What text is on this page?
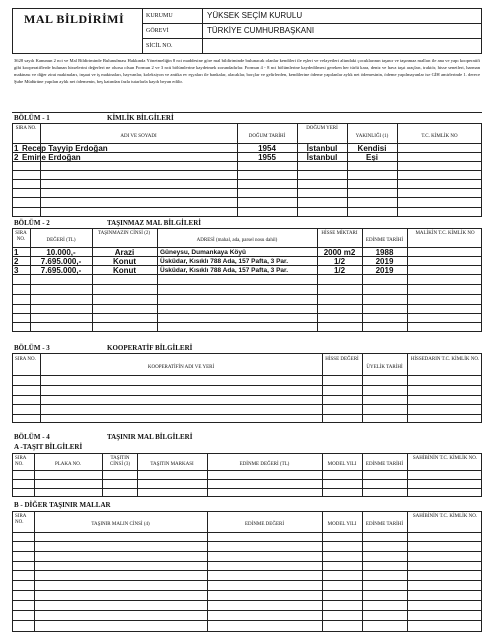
MAL BİLDİRİMİ	KURUMU	YÜKSEK SEÇİM KURULU
GÖREVİ	TÜRKİYE CUMHURBAŞKANI
SİCİL NO.
3628 sayılı Kanunun 2 nci ve Mal Bildiriminde Bulunulması Hakkında Yönetmeliğin 8 nci maddesine göre mal bildiriminde bulunacak olanlar kendileri ile eşleri ve velayetleri altındaki çocuklarının taşınır ve taşınmaz malları ile ana ve yapı kooperatifi gibi kooperatiflerde bulunan hisselerini değerleri ne olursa olsun Formun 2 ve 3 ncü bölümlerine kaydetmek zorundadırlar. Formun 4 - 8 nci bölümlerine kaydedilmesi gereken her türlü kara, deniz ve hava taşıt araçları, traktör, hisse senetleri, harman makinası ve diğer zirai makinaları, inşaat ve iş makinaları, hayvanlar, koleksiyon ve antika ev eşyaları ile bankalar, alacaklar, borçlar ve gelirlerden, kendilerine ödeme yapılanlar aylık net ödemesinin, ödeme yapılmayanlar ise GİH amirlerinde 1. derece Şube Müdürüne yapılan aylık net ödemenin, beş katından fazla tutarlarla kaydı beyan edilir.
BÖLÜM - 1	KİMLİK BİLGİLERİ
SIRA NO.
ADI VE SOYADI	DOĞUM TARİHİ
DOĞUM YERİ
YAKINLIĞI (1)	T.C. KİMLİK NO
1 Recep Tayyip Erdoğan	1954	İstanbul	Kendisi
2 Emine Erdoğan	1955	İstanbul	Eşi
BÖLÜM - 2	TAŞINMAZ MAL BİLGİLERİ
SIRA NO.	DEĞERİ (TL)
TAŞINMAZIN CİNSİ (2)
ADRESİ (mahal, ada, parsel nosu dahil)
HİSSE MİKTARI
EDİNME TARİHİ
MALİKİN T.C. KİMLİK NO
1	10.000,-	Arazi	Güneysu, Dumankaya Köyü	2000 m2	1988
2	7.695.000,-	Konut	Üsküdar, Kısıklı 788 Ada, 157 Pafta, 3 Par.	1/2	2019
3	7.695.000,-	Konut	Üsküdar, Kısıklı 788 Ada, 157 Pafta, 3 Par.	1/2	2019
BÖLÜM - 3	KOOPERATİF BİLGİLERİ
SIRA NO.
KOOPERATİFİN ADI VE YERİ
HİSSE DEĞERİ
ÜYELİK TARİHİ
HİSSEDARIN T.C. KİMLİK NO.
BÖLÜM - 4	TAŞINIR MAL BİLGİLERİ
A -TAŞIT BİLGİLERİ
SIRA NO.	PLAKA NO.
TAŞITIN CİNSİ (3)	TAŞITIN MARKASI	EDİNME DEĞERİ (TL)	MODEL YILI	EDİNME TARİHİ
SAHİBİNİN T.C. KİMLİK NO.
B - DİĞER TAŞINIR MALLAR
SIRA NO.	TAŞINIR MALIN CİNSİ (4)	EDİNME DEĞERİ	MODEL YILI	EDİNME TARİHİ
SAHİBİNİN T.C. KİMLİK NO.
